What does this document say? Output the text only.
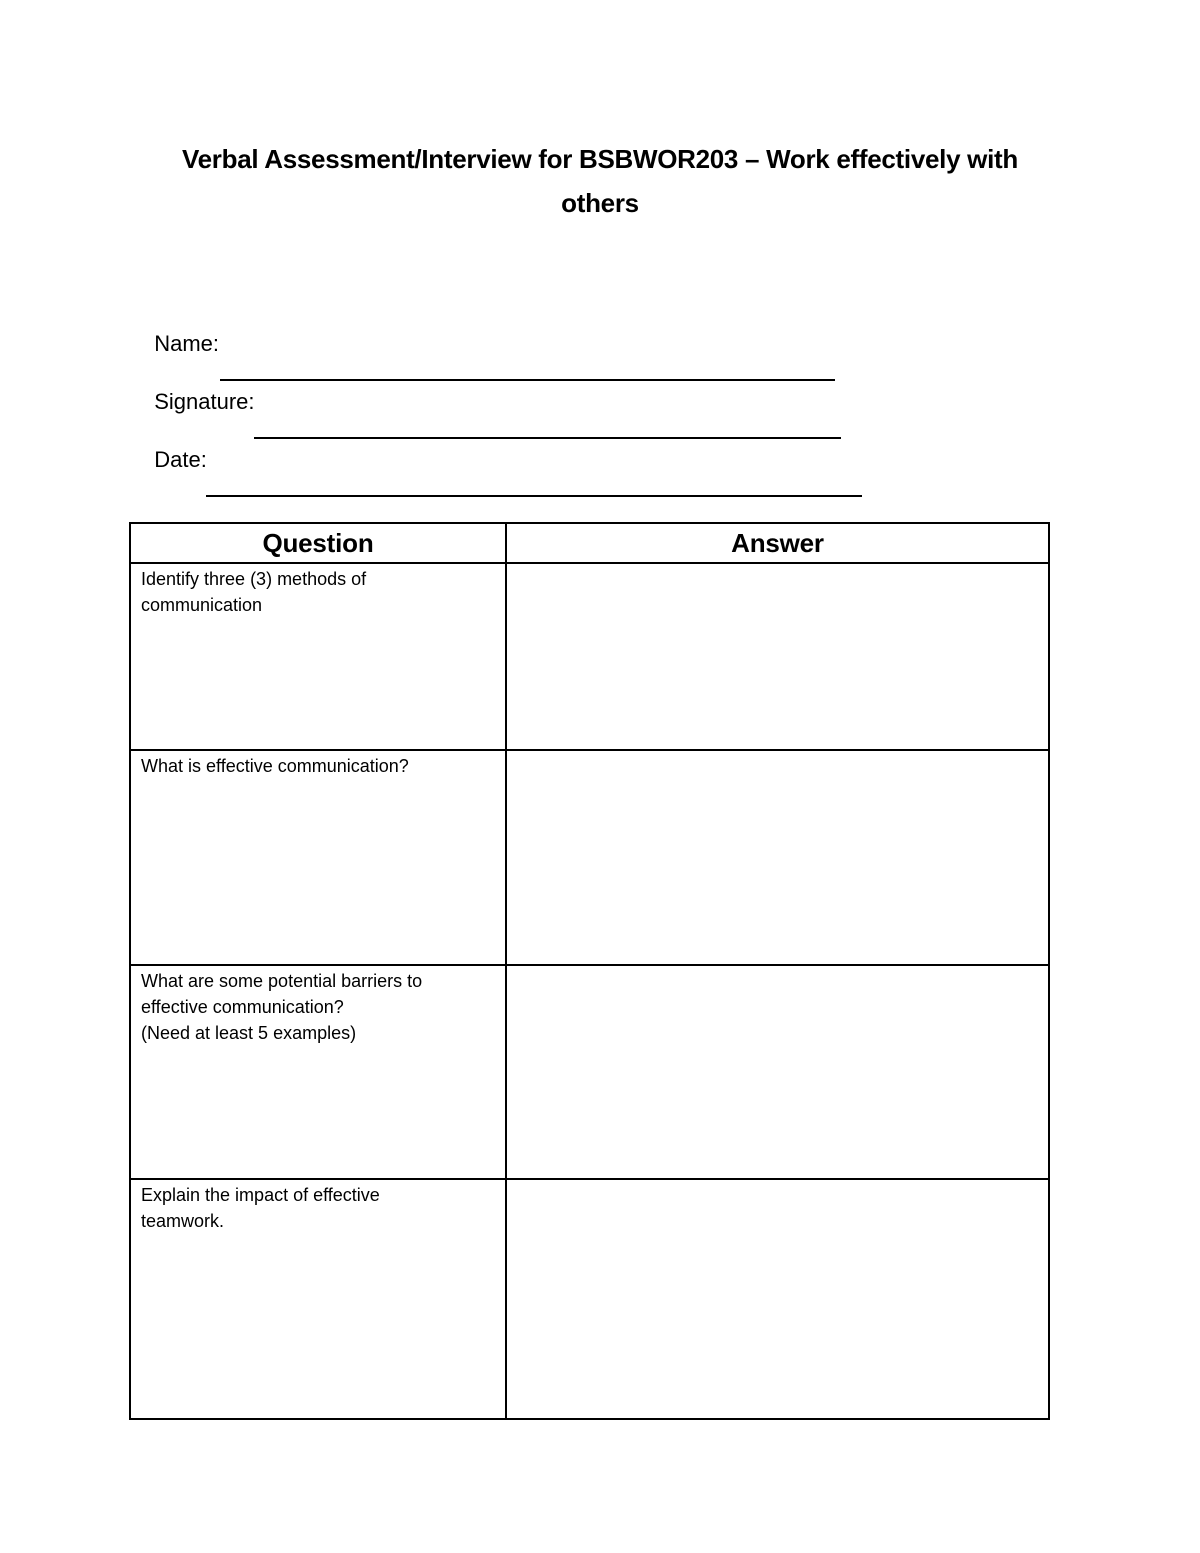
Verbal Assessment/Interview for BSBWOR203 – Work effectively with
others

Name:

Signature:

Date:

Question	Answer

Identify three (3) methods of
communication	

What is effective communication?	

What are some potential barriers to
effective communication?
(Need at least 5 examples)	

Explain the impact of effective
teamwork.	
